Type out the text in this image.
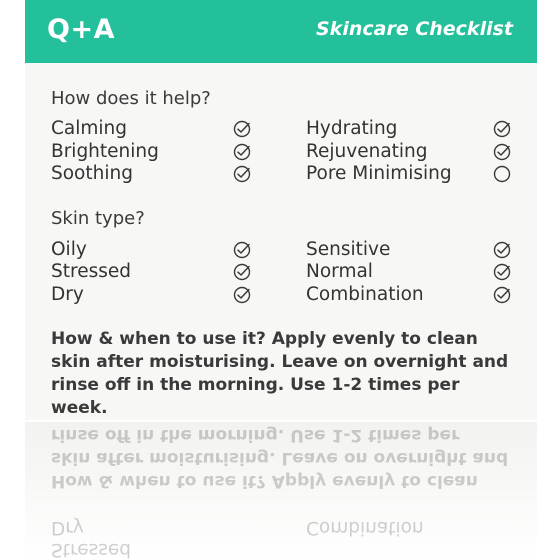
Q+A	Skincare Checklist
How does it help?
Calming
Brightening
Soothing
Hydrating
Rejuvenating
Pore Minimising
Skin type?
Oily
Stressed
Dry
Sensitive
Normal
Combination
How & when to use it? Apply evenly to clean skin after moisturising. Leave on overnight and rinse off in the morning. Use 1-2 times per week.
How & when to use it? Apply evenly to clean skin after moisturising. Leave on overnight and rinse off in the morning. Use 1-2 times per
Stressed
Dry	Combination
